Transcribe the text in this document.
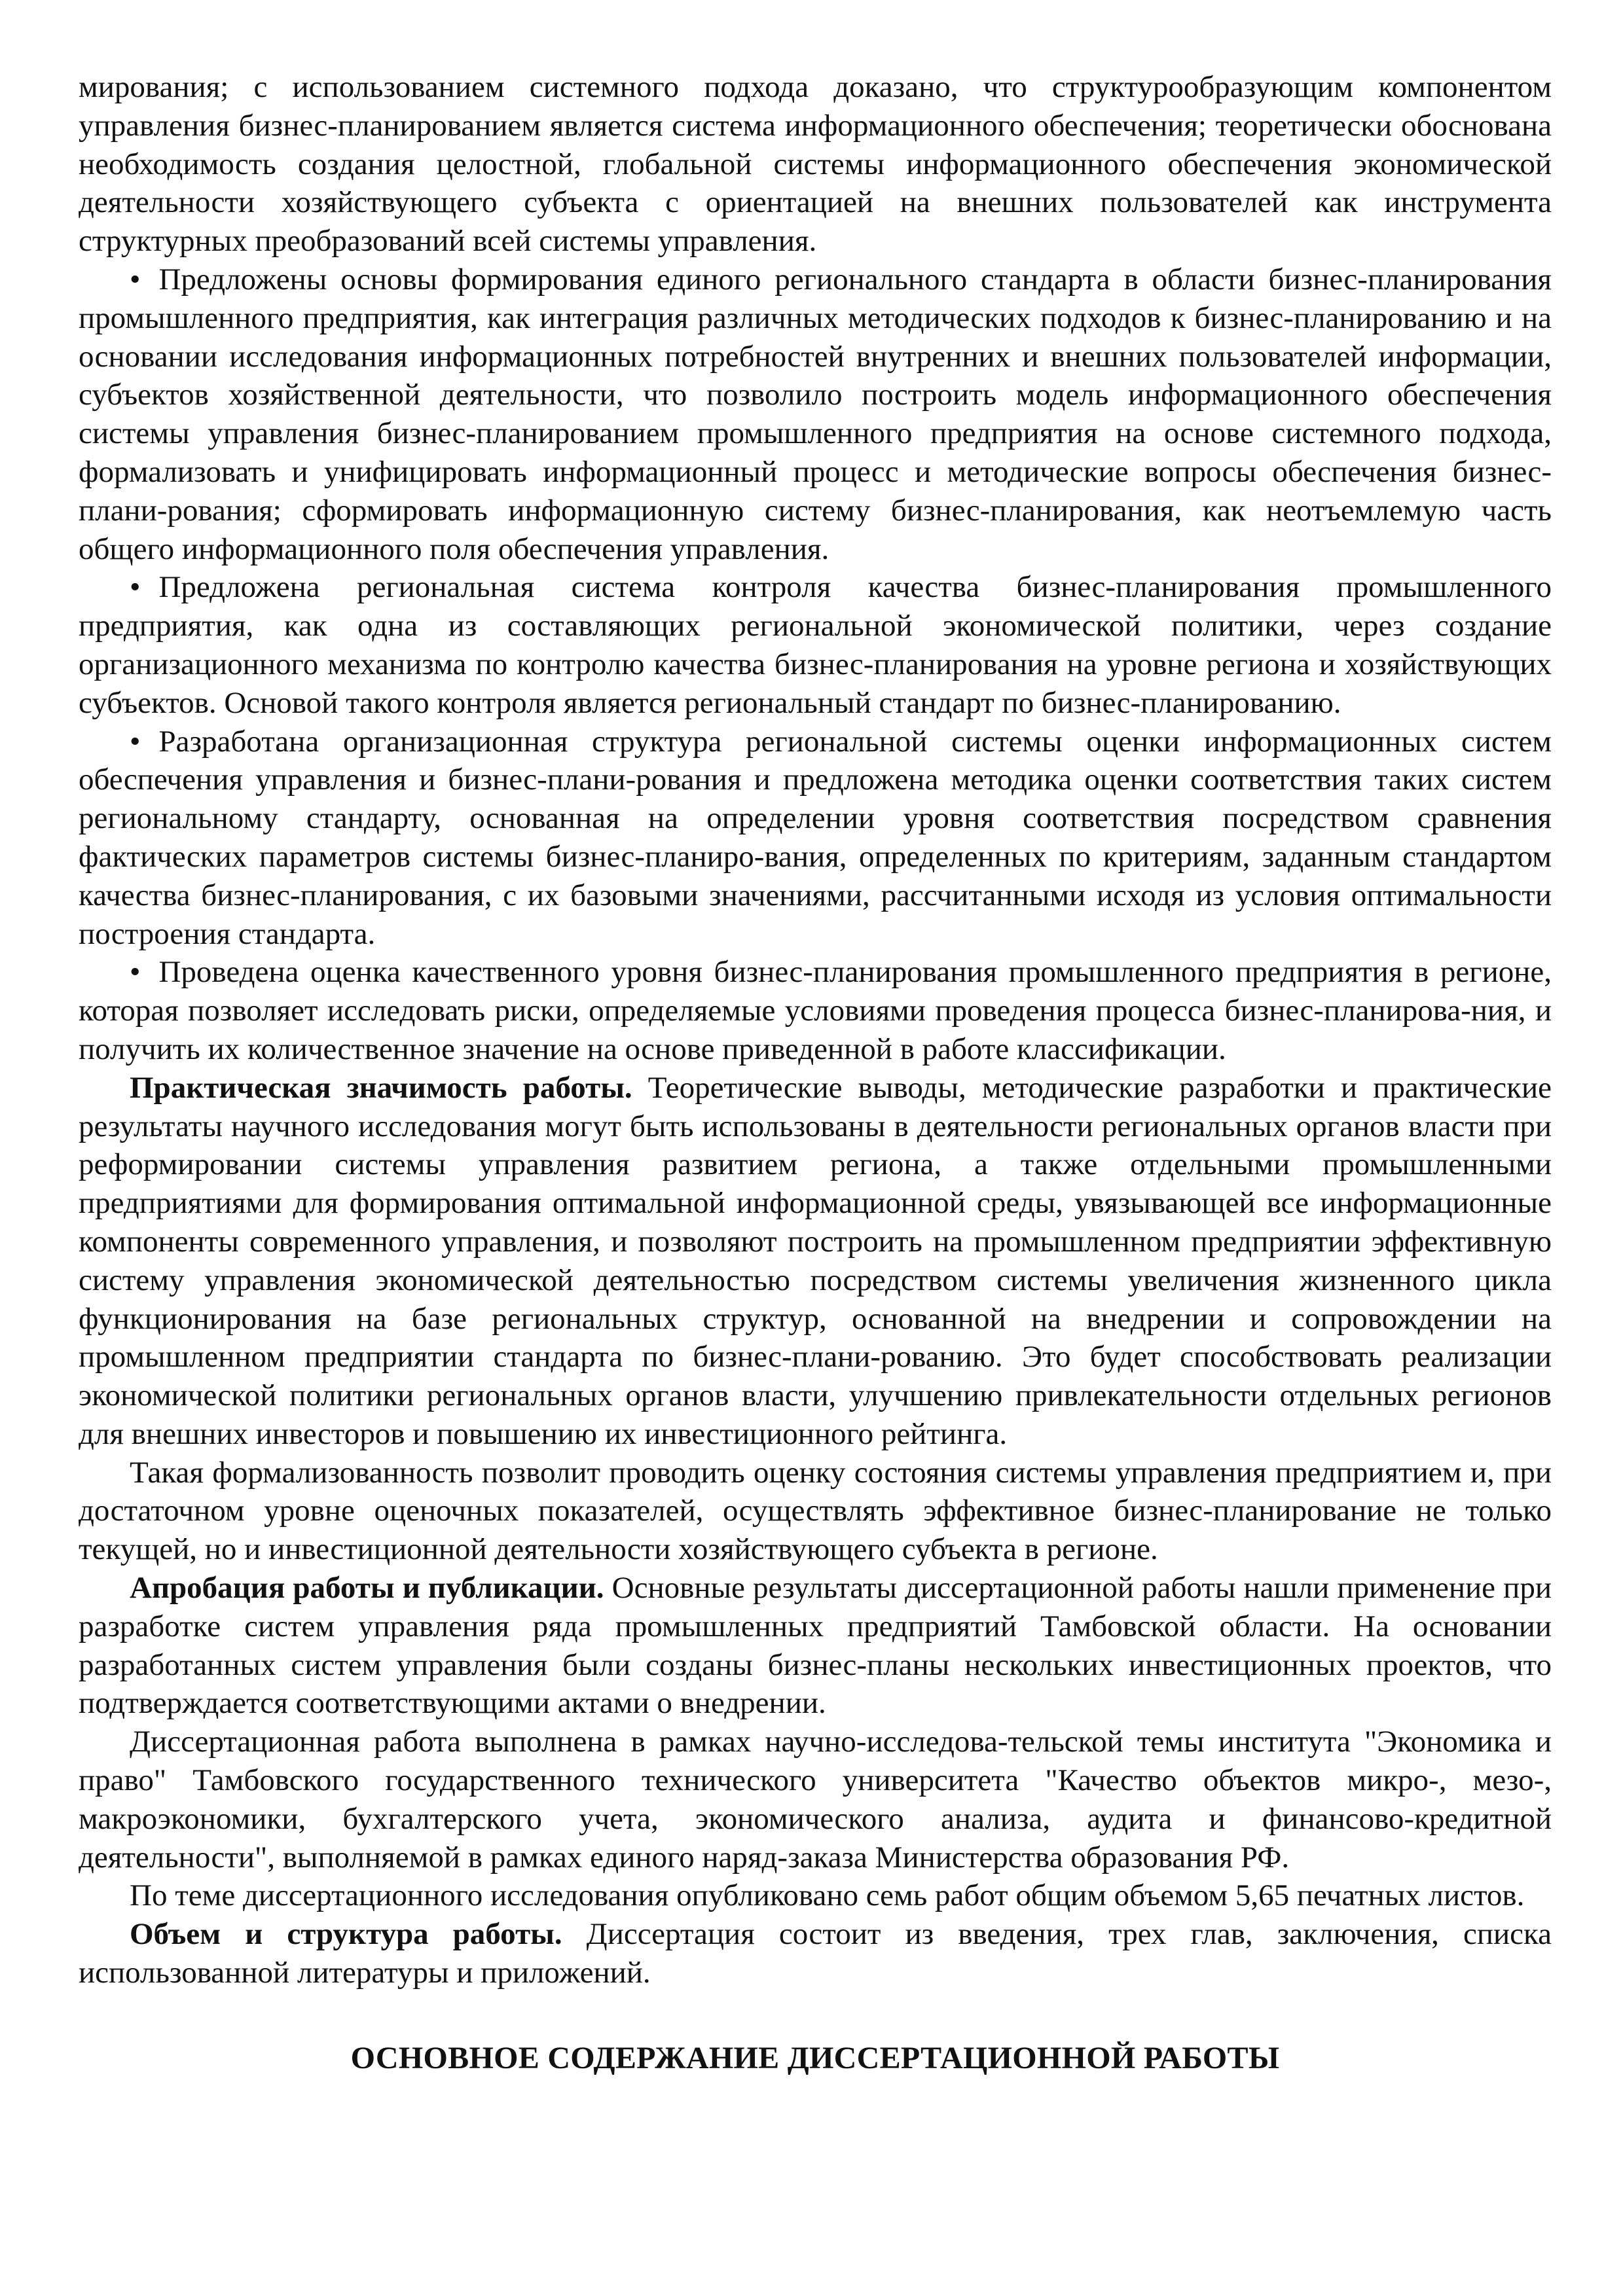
мирования; с использованием системного подхода доказано, что структурообразующим компонентом управления бизнес-планированием является система информационного обеспечения; теоретически обоснована необходимость создания целостной, глобальной системы информационного обеспечения экономической деятельности хозяйствующего субъекта с ориентацией на внешних пользователей как инструмента структурных преобразований всей системы управления.

• Предложены основы формирования единого регионального стандарта в области бизнес-планирования промышленного предприятия, как интеграция различных методических подходов к бизнес-планированию и на основании исследования информационных потребностей внутренних и внешних пользователей информации, субъектов хозяйственной деятельности, что позволило построить модель информационного обеспечения системы управления бизнес-планированием промышленного предприятия на основе системного подхода, формализовать и унифицировать информационный процесс и методические вопросы обеспечения бизнес-плани-рования; сформировать информационную систему бизнес-планирования, как неотъемлемую часть общего информационного поля обеспечения управления.

• Предложена региональная система контроля качества бизнес-планирования промышленного предприятия, как одна из составляющих региональной экономической политики, через создание организационного механизма по контролю качества бизнес-планирования на уровне региона и хозяйствующих субъектов. Основой такого контроля является региональный стандарт по бизнес-планированию.

• Разработана организационная структура региональной системы оценки информационных систем обеспечения управления и бизнес-плани-рования и предложена методика оценки соответствия таких систем региональному стандарту, основанная на определении уровня соответствия посредством сравнения фактических параметров системы бизнес-планиро-вания, определенных по критериям, заданным стандартом качества бизнес-планирования, с их базовыми значениями, рассчитанными исходя из условия оптимальности построения стандарта.

• Проведена оценка качественного уровня бизнес-планирования промышленного предприятия в регионе, которая позволяет исследовать риски, определяемые условиями проведения процесса бизнес-планирова-ния, и получить их количественное значение на основе приведенной в работе классификации.

Практическая значимость работы. Теоретические выводы, методические разработки и практические результаты научного исследования могут быть использованы в деятельности региональных органов власти при реформировании системы управления развитием региона, а также отдельными промышленными предприятиями для формирования оптимальной информационной среды, увязывающей все информационные компоненты современного управления, и позволяют построить на промышленном предприятии эффективную систему управления экономической деятельностью посредством системы увеличения жизненного цикла функционирования на базе региональных структур, основанной на внедрении и сопровождении на промышленном предприятии стандарта по бизнес-плани-рованию. Это будет способствовать реализации экономической политики региональных органов власти, улучшению привлекательности отдельных регионов для внешних инвесторов и повышению их инвестиционного рейтинга.

Такая формализованность позволит проводить оценку состояния системы управления предприятием и, при достаточном уровне оценочных показателей, осуществлять эффективное бизнес-планирование не только текущей, но и инвестиционной деятельности хозяйствующего субъекта в регионе.

Апробация работы и публикации. Основные результаты диссертационной работы нашли применение при разработке систем управления ряда промышленных предприятий Тамбовской области. На основании разработанных систем управления были созданы бизнес-планы нескольких инвестиционных проектов, что подтверждается соответствующими актами о внедрении.

Диссертационная работа выполнена в рамках научно-исследова-тельской темы института "Экономика и право" Тамбовского государственного технического университета "Качество объектов микро-, мезо-, макроэкономики, бухгалтерского учета, экономического анализа, аудита и финансово-кредитной деятельности", выполняемой в рамках единого наряд-заказа Министерства образования РФ.

По теме диссертационного исследования опубликовано семь работ общим объемом 5,65 печатных листов.

Объем и структура работы. Диссертация состоит из введения, трех глав, заключения, списка использованной литературы и приложений.

ОСНОВНОЕ СОДЕРЖАНИЕ ДИССЕРТАЦИОННОЙ РАБОТЫ
